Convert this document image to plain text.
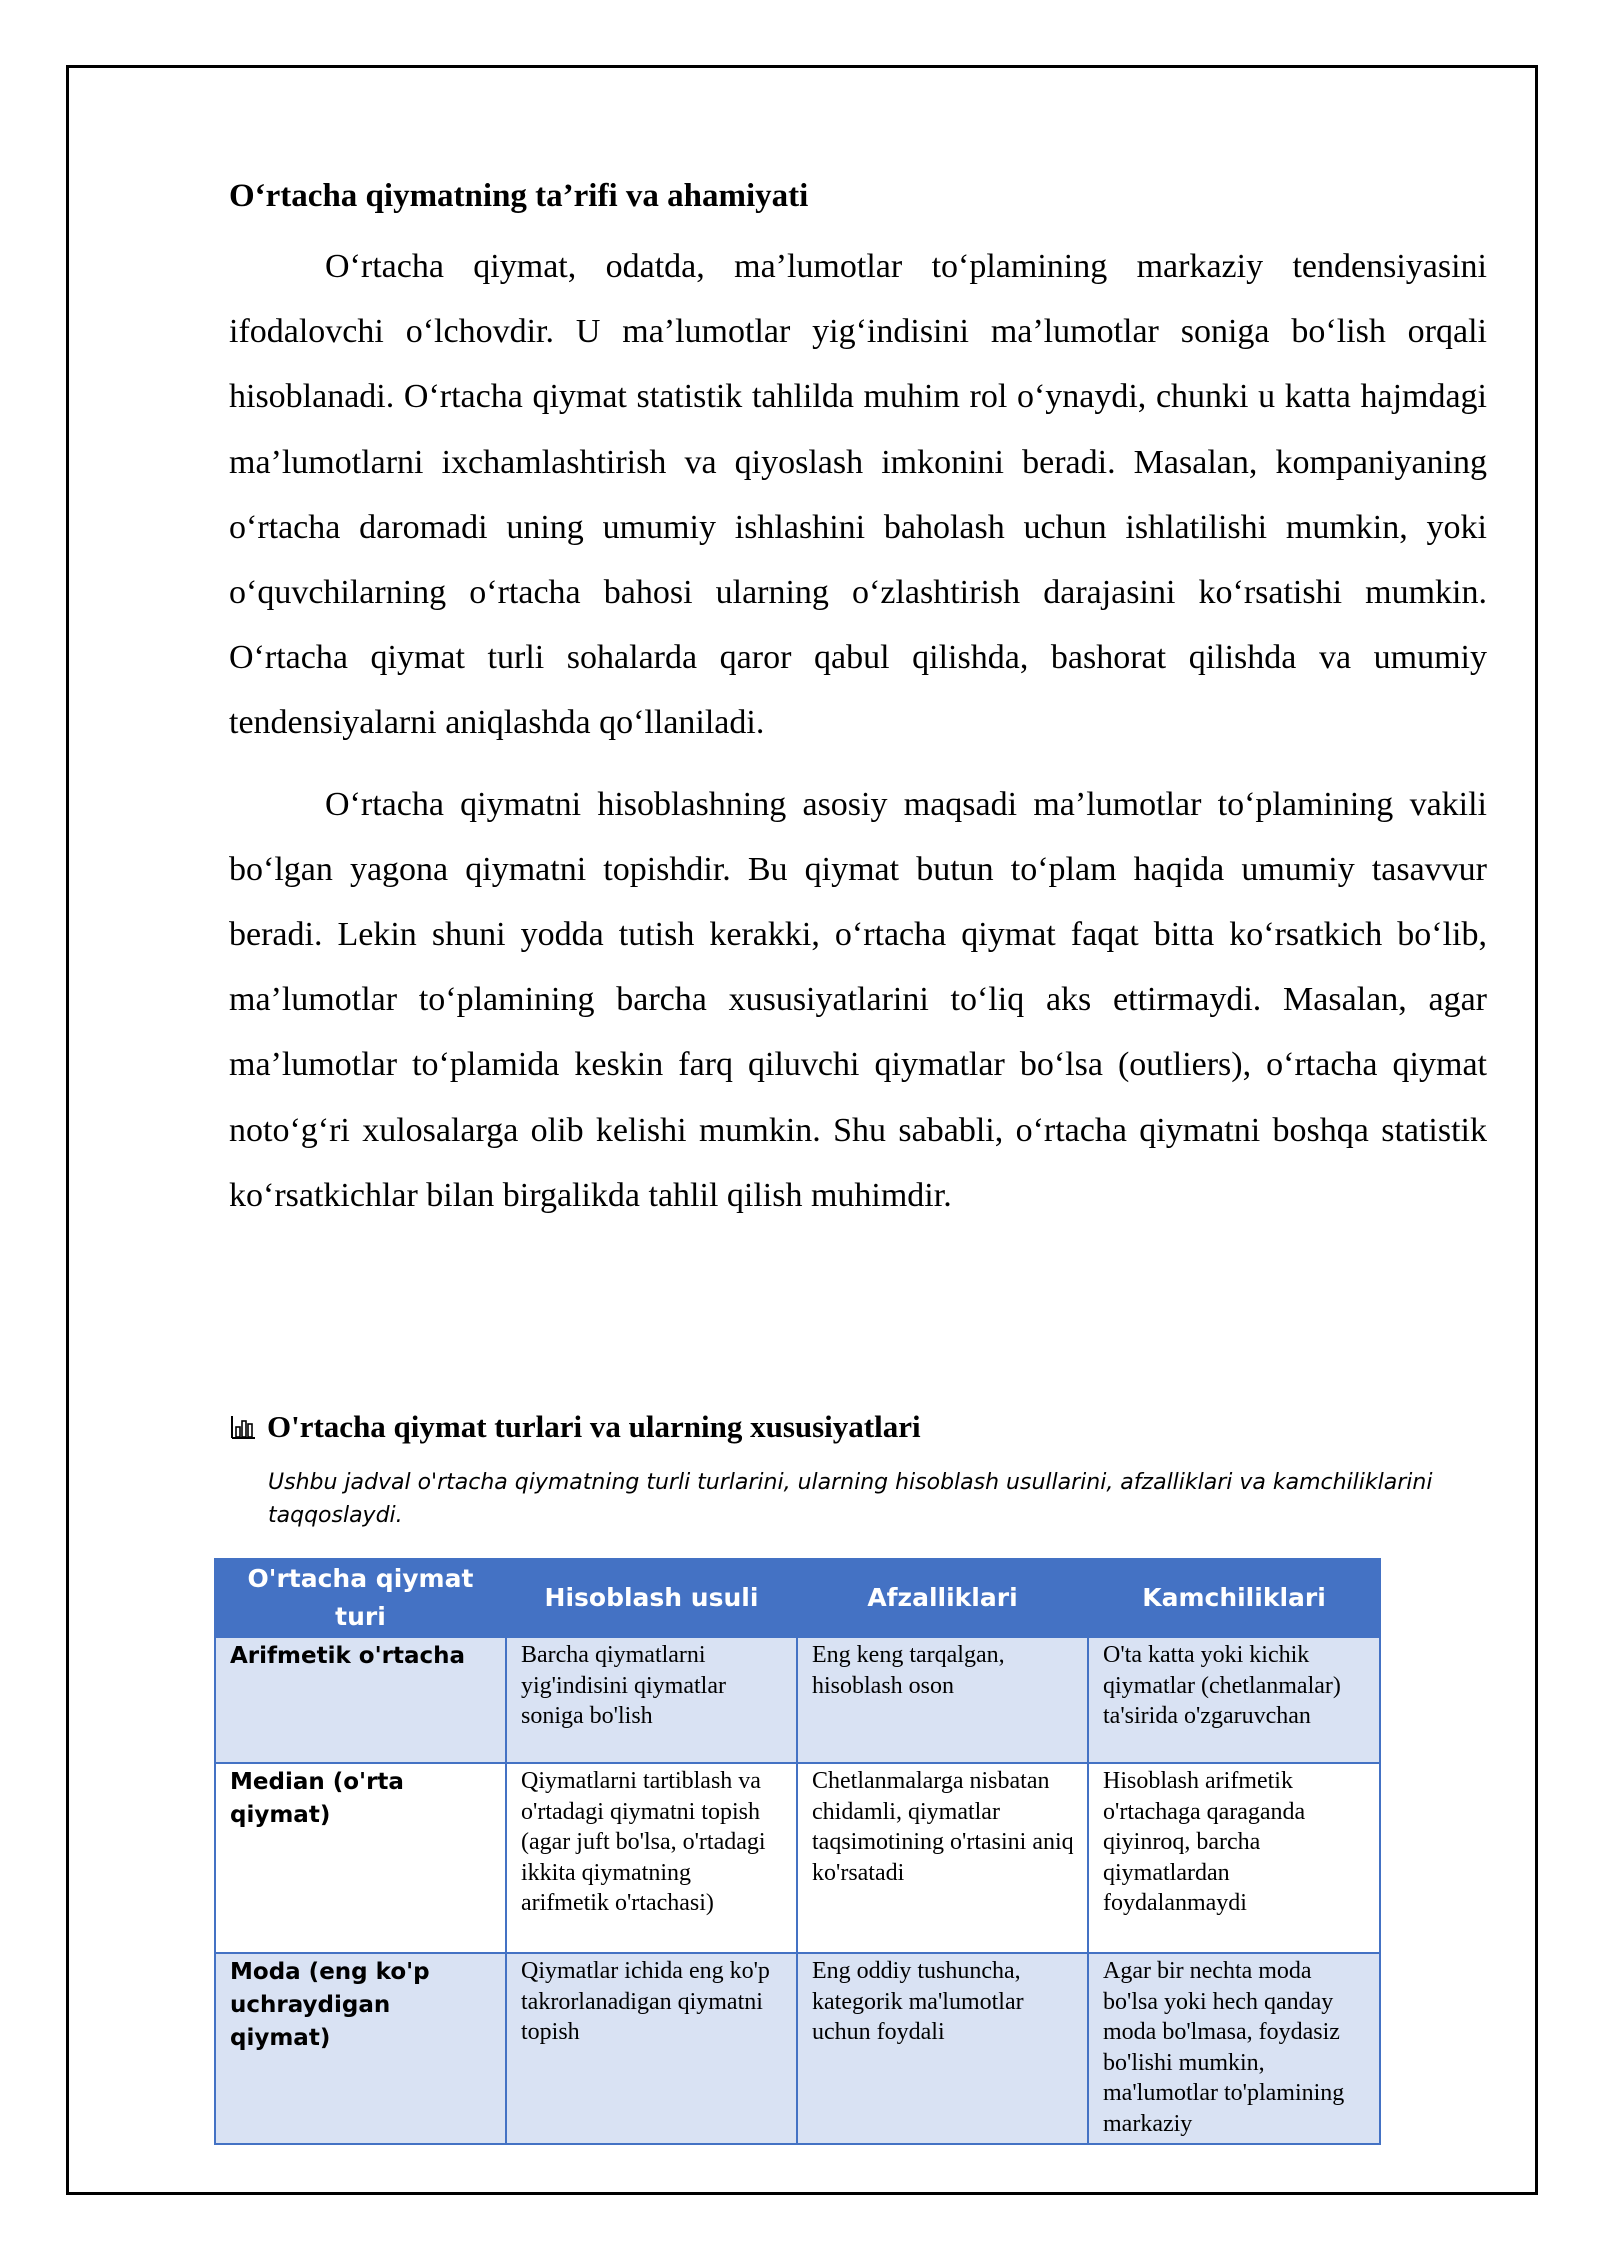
O‘rtacha qiymatning ta’rifi va ahamiyati

O‘rtacha qiymat, odatda, ma’lumotlar to‘plamining markaziy tendensiyasini ifodalovchi o‘lchovdir. U ma’lumotlar yig‘indisini ma’lumotlar soniga bo‘lish orqali hisoblanadi. O‘rtacha qiymat statistik tahlilda muhim rol o‘ynaydi, chunki u katta hajmdagi ma’lumotlarni ixchamlashtirish va qiyoslash imkonini beradi. Masalan, kompaniyaning o‘rtacha daromadi uning umumiy ishlashini baholash uchun ishlatilishi mumkin, yoki o‘quvchilarning o‘rtacha bahosi ularning o‘zlashtirish darajasini ko‘rsatishi mumkin. O‘rtacha qiymat turli sohalarda qaror qabul qilishda, bashorat qilishda va umumiy tendensiyalarni aniqlashda qo‘llaniladi.

O‘rtacha qiymatni hisoblashning asosiy maqsadi ma’lumotlar to‘plamining vakili bo‘lgan yagona qiymatni topishdir. Bu qiymat butun to‘plam haqida umumiy tasavvur beradi. Lekin shuni yodda tutish kerakki, o‘rtacha qiymat faqat bitta ko‘rsatkich bo‘lib, ma’lumotlar to‘plamining barcha xususiyatlarini to‘liq aks ettirmaydi. Masalan, agar ma’lumotlar to‘plamida keskin farq qiluvchi qiymatlar bo‘lsa (outliers), o‘rtacha qiymat noto‘g‘ri xulosalarga olib kelishi mumkin. Shu sababli, o‘rtacha qiymatni boshqa statistik ko‘rsatkichlar bilan birgalikda tahlil qilish muhimdir.

O'rtacha qiymat turlari va ularning xususiyatlari
Ushbu jadval o'rtacha qiymatning turli turlarini, ularning hisoblash usullarini, afzalliklari va kamchiliklarini taqqoslaydi.
O'rtacha qiymat turi	Hisoblash usuli	Afzalliklari	Kamchiliklari
Arifmetik o'rtacha	Barcha qiymatlarni yig'indisini qiymatlar soniga bo'lish	Eng keng tarqalgan, hisoblash oson	O'ta katta yoki kichik qiymatlar (chetlanmalar) ta'sirida o'zgaruvchan
Median (o'rta qiymat)	Qiymatlarni tartiblash va o'rtadagi qiymatni topish (agar juft bo'lsa, o'rtadagi ikkita qiymatning arifmetik o'rtachasi)	Chetlanmalarga nisbatan chidamli, qiymatlar taqsimotining o'rtasini aniq ko'rsatadi	Hisoblash arifmetik o'rtachaga qaraganda qiyinroq, barcha qiymatlardan foydalanmaydi
Moda (eng ko'p uchraydigan qiymat)	Qiymatlar ichida eng ko'p takrorlanadigan qiymatni topish	Eng oddiy tushuncha, kategorik ma'lumotlar uchun foydali	Agar bir nechta moda bo'lsa yoki hech qanday moda bo'lmasa, foydasiz bo'lishi mumkin, ma'lumotlar to'plamining markaziy
